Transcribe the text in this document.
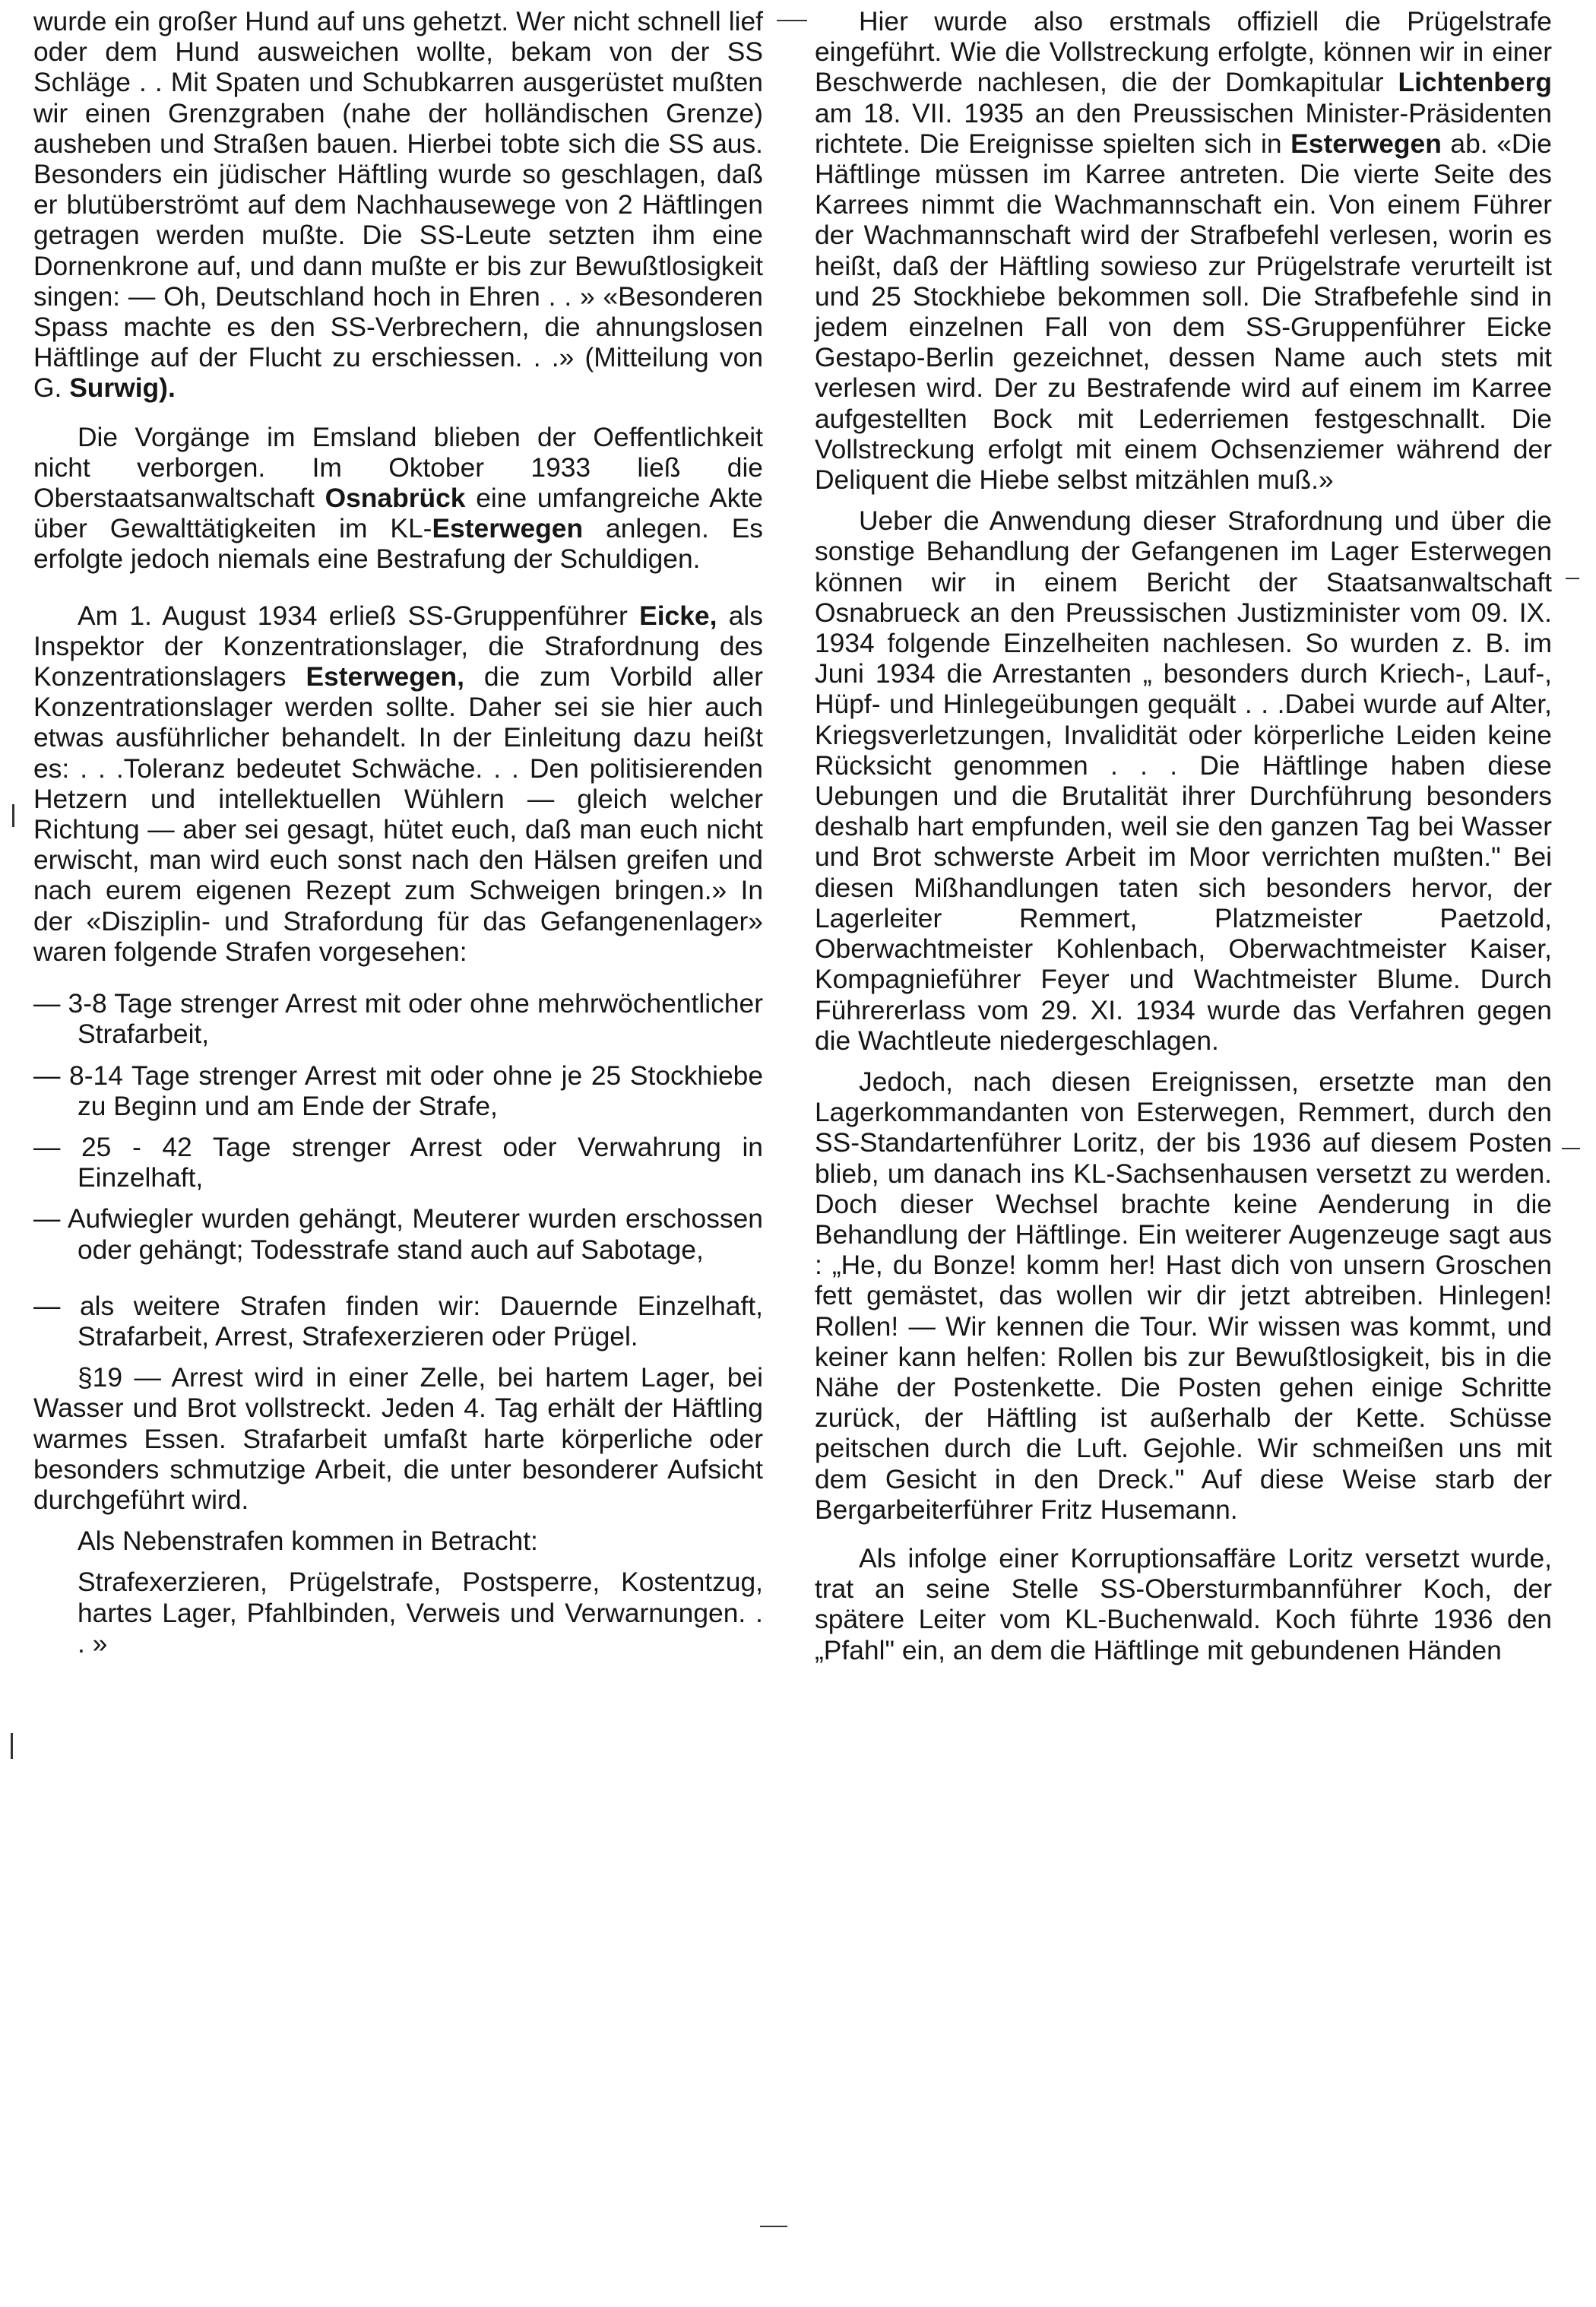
wurde ein großer Hund auf uns gehetzt. Wer nicht schnell lief oder dem Hund ausweichen wollte, bekam von der SS Schläge . . Mit Spaten und Schubkarren ausgerüstet mußten wir einen Grenzgraben (nahe der holländischen Grenze) ausheben und Straßen bauen. Hierbei tobte sich die SS aus. Besonders ein jüdischer Häftling wurde so geschlagen, daß er blutüberströmt auf dem Nachhausewege von 2 Häftlingen getragen werden mußte. Die SS-Leute setzten ihm eine Dornenkrone auf, und dann mußte er bis zur Bewußtlosigkeit singen: — Oh, Deutschland hoch in Ehren . . » «Besonderen Spass machte es den SS-Verbrechern, die ahnungslosen Häftlinge auf der Flucht zu erschiessen. . .» (Mitteilung von G. Surwig).

Die Vorgänge im Emsland blieben der Oeffentlichkeit nicht verborgen. Im Oktober 1933 ließ die Oberstaatsanwaltschaft Osnabrück eine umfangreiche Akte über Gewalttätigkeiten im KL-Esterwegen anlegen. Es erfolgte jedoch niemals eine Bestrafung der Schuldigen.

Am 1. August 1934 erließ SS-Gruppenführer Eicke, als Inspektor der Konzentrationslager, die Strafordnung des Konzentrationslagers Esterwegen, die zum Vorbild aller Konzentrationslager werden sollte. Daher sei sie hier auch etwas ausführlicher behandelt. In der Einleitung dazu heißt es: . . .Toleranz bedeutet Schwäche. . . Den politisierenden Hetzern und intellektuellen Wühlern — gleich welcher Richtung — aber sei gesagt, hütet euch, daß man euch nicht erwischt, man wird euch sonst nach den Hälsen greifen und nach eurem eigenen Rezept zum Schweigen bringen.» In der «Disziplin- und Strafordung für das Gefangenenlager» waren folgende Strafen vorgesehen:

— 3-8 Tage strenger Arrest mit oder ohne mehrwöchentlicher Strafarbeit,

— 8-14 Tage strenger Arrest mit oder ohne je 25 Stockhiebe zu Beginn und am Ende der Strafe,

— 25 - 42 Tage strenger Arrest oder Verwahrung in Einzelhaft,

— Aufwiegler wurden gehängt, Meuterer wurden erschossen oder gehängt; Todesstrafe stand auch auf Sabotage,

— als weitere Strafen finden wir: Dauernde Einzelhaft, Strafarbeit, Arrest, Strafexerzieren oder Prügel.

§19 — Arrest wird in einer Zelle, bei hartem Lager, bei Wasser und Brot vollstreckt. Jeden 4. Tag erhält der Häftling warmes Essen. Strafarbeit umfaßt harte körperliche oder besonders schmutzige Arbeit, die unter besonderer Aufsicht durchgeführt wird.

Als Nebenstrafen kommen in Betracht:

Strafexerzieren, Prügelstrafe, Postsperre, Kostentzug, hartes Lager, Pfahlbinden, Verweis und Verwarnungen. . . »

Hier wurde also erstmals offiziell die Prügelstrafe eingeführt. Wie die Vollstreckung erfolgte, können wir in einer Beschwerde nachlesen, die der Domkapitular Lichtenberg am 18. VII. 1935 an den Preussischen Minister-Präsidenten richtete. Die Ereignisse spielten sich in Esterwegen ab. «Die Häftlinge müssen im Karree antreten. Die vierte Seite des Karrees nimmt die Wachmannschaft ein. Von einem Führer der Wachmannschaft wird der Strafbefehl verlesen, worin es heißt, daß der Häftling sowieso zur Prügelstrafe verurteilt ist und 25 Stockhiebe bekommen soll. Die Strafbefehle sind in jedem einzelnen Fall von dem SS-Gruppenführer Eicke Gestapo-Berlin gezeichnet, dessen Name auch stets mit verlesen wird. Der zu Bestrafende wird auf einem im Karree aufgestellten Bock mit Lederriemen festgeschnallt. Die Vollstreckung erfolgt mit einem Ochsenziemer während der Deliquent die Hiebe selbst mitzählen muß.»

Ueber die Anwendung dieser Strafordnung und über die sonstige Behandlung der Gefangenen im Lager Esterwegen können wir in einem Bericht der Staatsanwaltschaft Osnabrueck an den Preussischen Justizminister vom 09. IX. 1934 folgende Einzelheiten nachlesen. So wurden z. B. im Juni 1934 die Arrestanten „ besonders durch Kriech-, Lauf-, Hüpf- und Hinlegeübungen gequält . . .Dabei wurde auf Alter, Kriegsverletzungen, Invalidität oder körperliche Leiden keine Rücksicht genommen . . . Die Häftlinge haben diese Uebungen und die Brutalität ihrer Durchführung besonders deshalb hart empfunden, weil sie den ganzen Tag bei Wasser und Brot schwerste Arbeit im Moor verrichten mußten." Bei diesen Mißhandlungen taten sich besonders hervor, der Lagerleiter Remmert, Platzmeister Paetzold, Oberwachtmeister Kohlenbach, Oberwachtmeister Kaiser, Kompagnieführer Feyer und Wachtmeister Blume. Durch Führererlass vom 29. XI. 1934 wurde das Verfahren gegen die Wachtleute niedergeschlagen.

Jedoch, nach diesen Ereignissen, ersetzte man den Lagerkommandanten von Esterwegen, Remmert, durch den SS-Standartenführer Loritz, der bis 1936 auf diesem Posten blieb, um danach ins KL-Sachsenhausen versetzt zu werden. Doch dieser Wechsel brachte keine Aenderung in die Behandlung der Häftlinge. Ein weiterer Augenzeuge sagt aus : „He, du Bonze! komm her! Hast dich von unsern Groschen fett gemästet, das wollen wir dir jetzt abtreiben. Hinlegen! Rollen! — Wir kennen die Tour. Wir wissen was kommt, und keiner kann helfen: Rollen bis zur Bewußtlosigkeit, bis in die Nähe der Postenkette. Die Posten gehen einige Schritte zurück, der Häftling ist außerhalb der Kette. Schüsse peitschen durch die Luft. Gejohle. Wir schmeißen uns mit dem Gesicht in den Dreck." Auf diese Weise starb der Bergarbeiterführer Fritz Husemann.

Als infolge einer Korruptionsaffäre Loritz versetzt wurde, trat an seine Stelle SS-Obersturmbannführer Koch, der spätere Leiter vom KL-Buchenwald. Koch führte 1936 den „Pfahl" ein, an dem die Häftlinge mit gebundenen Händen
